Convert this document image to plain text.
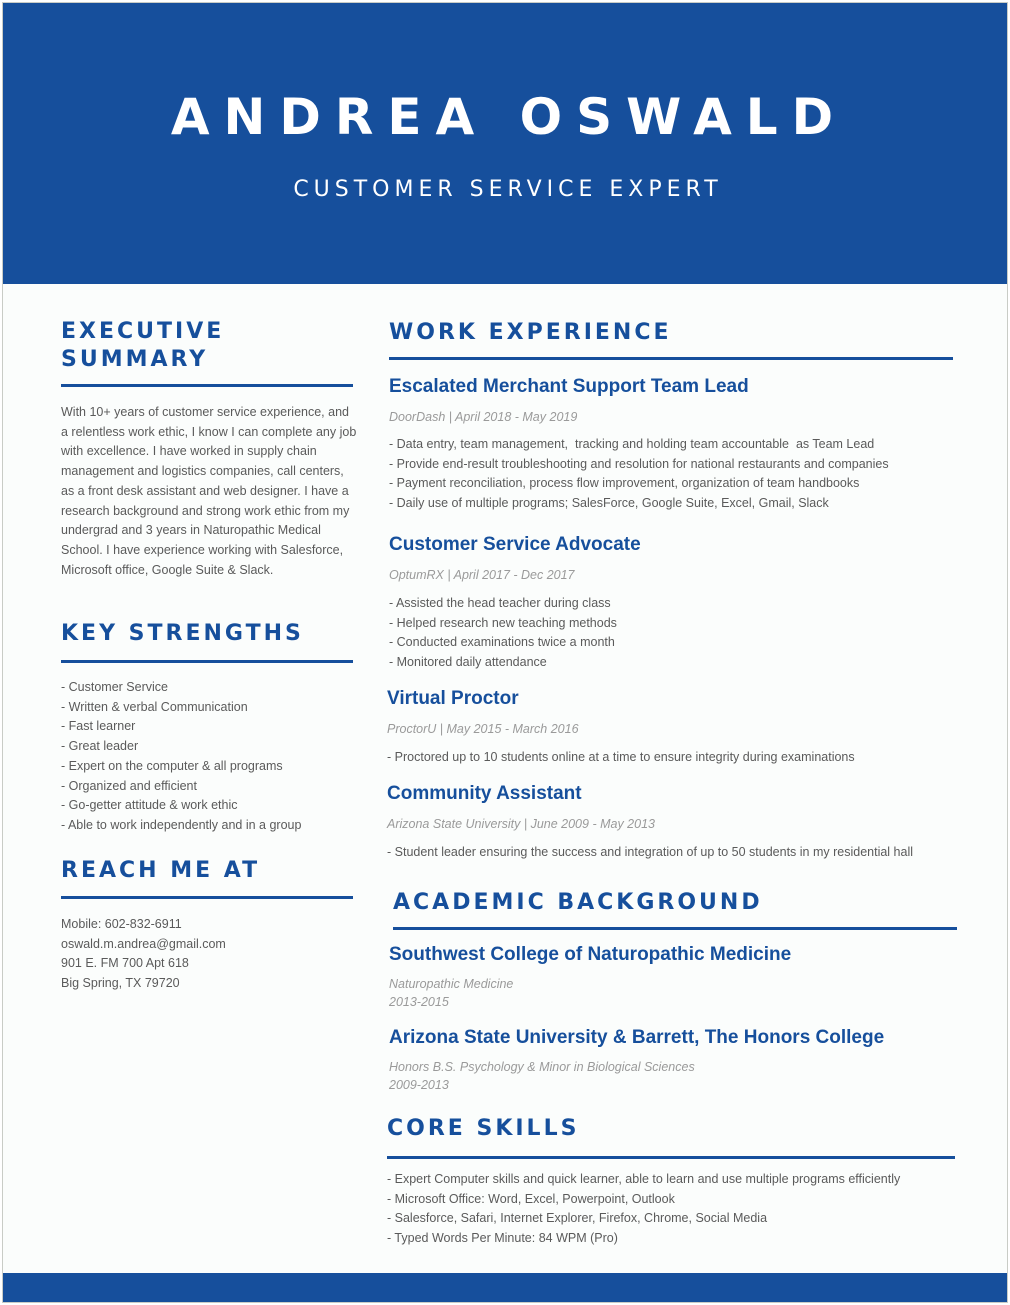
ANDREA OSWALD
CUSTOMER SERVICE EXPERT
EXECUTIVE
SUMMARY

With 10+ years of customer service experience, and a relentless work ethic, I know I can complete any job with excellence. I have worked in supply chain management and logistics companies, call centers, as a front desk assistant and web designer. I have a research background and strong work ethic from my undergrad and 3 years in Naturopathic Medical School. I have experience working with Salesforce, Microsoft office, Google Suite & Slack.

KEY STRENGTHS
- Customer Service
- Written & verbal Communication
- Fast learner
- Great leader
- Expert on the computer & all programs
- Organized and efficient
- Go-getter attitude & work ethic
- Able to work independently and in a group
REACH ME AT
Mobile: 602-832-6911
oswald.m.andrea@gmail.com
901 E. FM 700 Apt 618
Big Spring, TX 79720
WORK EXPERIENCE
Escalated Merchant Support Team Lead

DoorDash | April 2018 - May 2019

- Data entry, team management,  tracking and holding team accountable  as Team Lead
- Provide end-result troubleshooting and resolution for national restaurants and companies
- Payment reconciliation, process flow improvement, organization of team handbooks
- Daily use of multiple programs; SalesForce, Google Suite, Excel, Gmail, Slack
Customer Service Advocate

OptumRX | April 2017 - Dec 2017

- Assisted the head teacher during class
- Helped research new teaching methods
- Conducted examinations twice a month
- Monitored daily attendance
Virtual Proctor

ProctorU | May 2015 - March 2016

- Proctored up to 10 students online at a time to ensure integrity during examinations
Community Assistant

Arizona State University | June 2009 - May 2013

- Student leader ensuring the success and integration of up to 50 students in my residential hall
ACADEMIC BACKGROUND
Southwest College of Naturopathic Medicine

Naturopathic Medicine

2013-2015

Arizona State University & Barrett, The Honors College

Honors B.S. Psychology & Minor in Biological Sciences

2009-2013

CORE SKILLS
- Expert Computer skills and quick learner, able to learn and use multiple programs efficiently
- Microsoft Office: Word, Excel, Powerpoint, Outlook
- Salesforce, Safari, Internet Explorer, Firefox, Chrome, Social Media
- Typed Words Per Minute: 84 WPM (Pro)
